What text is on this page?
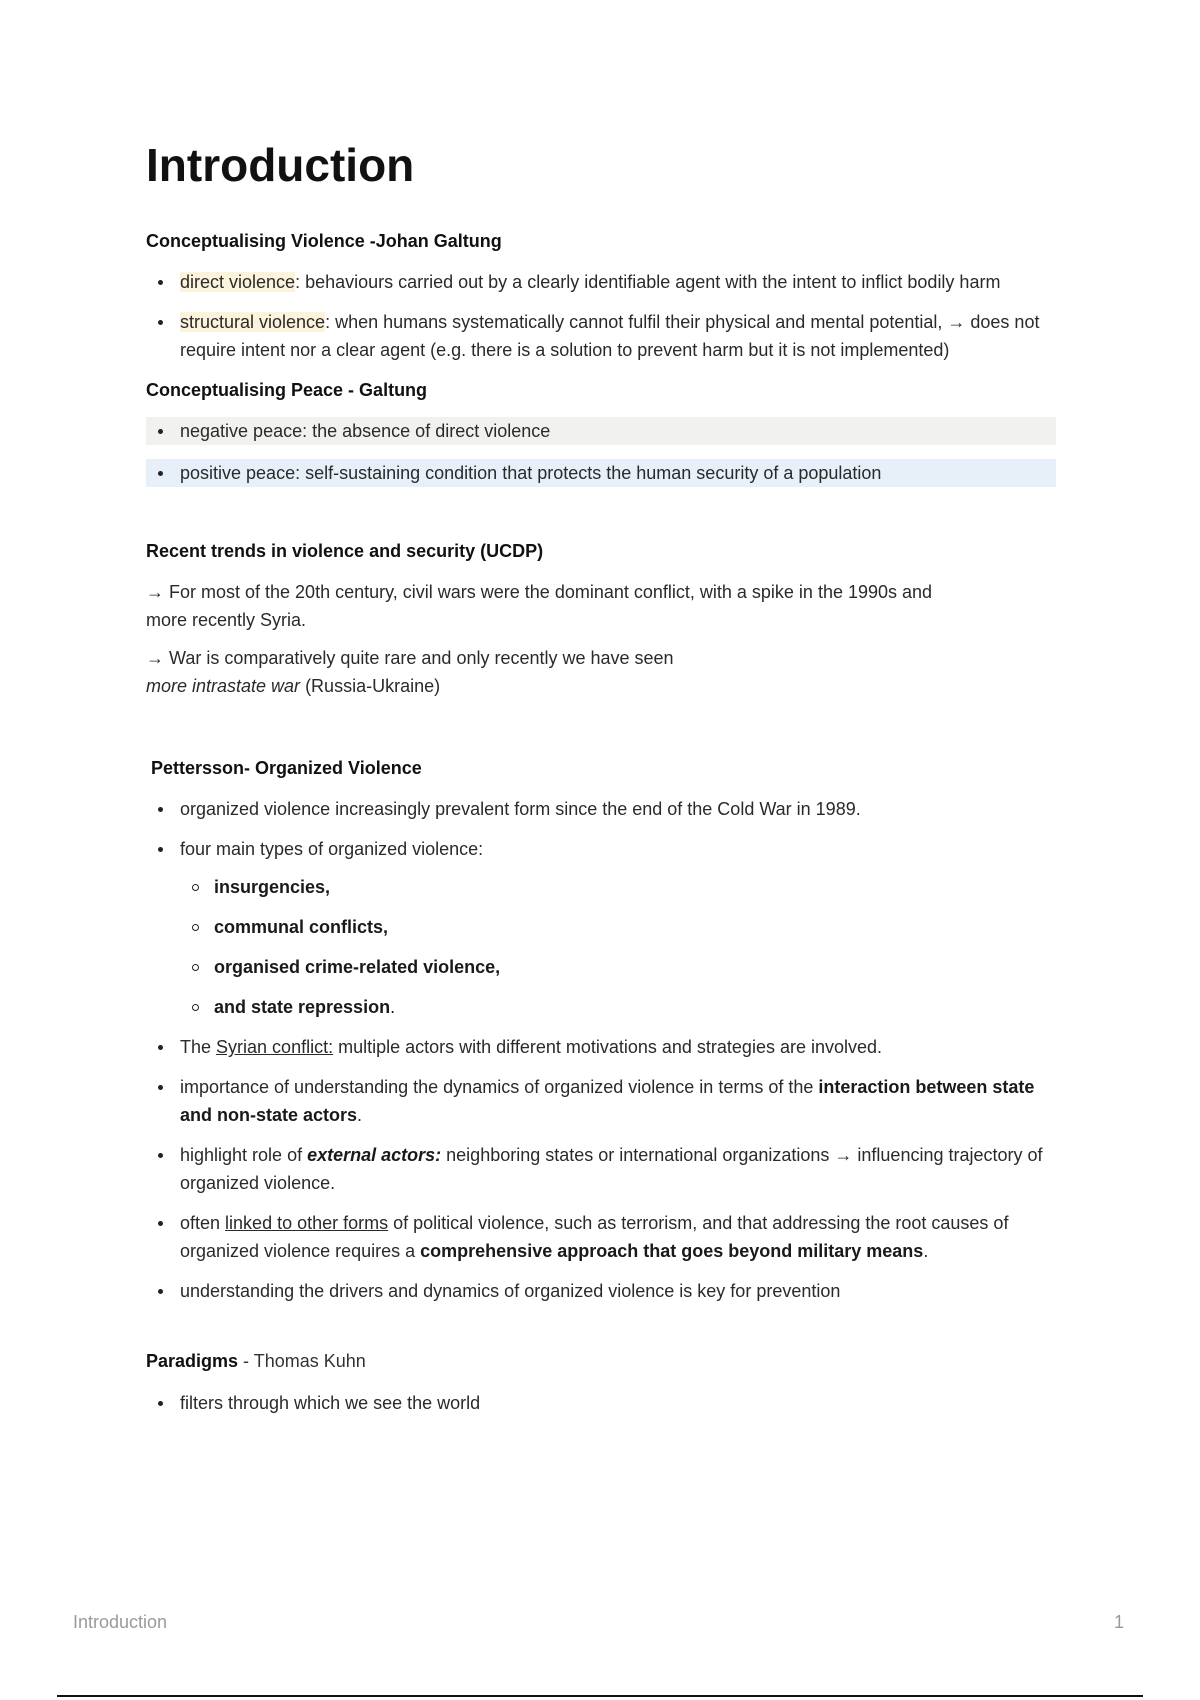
Introduction
Conceptualising Violence -Johan Galtung
direct violence: behaviours carried out by a clearly identifiable agent with the intent to inflict bodily harm
structural violence: when humans systematically cannot fulfil their physical and mental potential, → does not require intent nor a clear agent (e.g. there is a solution to prevent harm but it is not implemented)
Conceptualising Peace - Galtung
negative peace: the absence of direct violence
positive peace: self-sustaining condition that protects the human security of a population
Recent trends in violence and security (UCDP)

→ For most of the 20th century, civil wars were the dominant conflict, with a spike in the 1990s and more recently Syria.

→ War is comparatively quite rare and only recently we have seen
more intrastate war (Russia-Ukraine)

Pettersson- Organized Violence
organized violence increasingly prevalent form since the end of the Cold War in 1989.
four main types of organized violence:
insurgencies,
communal conflicts,
organised crime-related violence,
and state repression.
The Syrian conflict: multiple actors with different motivations and strategies are involved.
importance of understanding the dynamics of organized violence in terms of the interaction between state and non-state actors.
highlight role of external actors: neighboring states or international organizations → influencing trajectory of organized violence.
often linked to other forms of political violence, such as terrorism, and that addressing the root causes of organized violence requires a comprehensive approach that goes beyond military means.
understanding the drivers and dynamics of organized violence is key for prevention
Paradigms - Thomas Kuhn
filters through which we see the world
Introduction	1
